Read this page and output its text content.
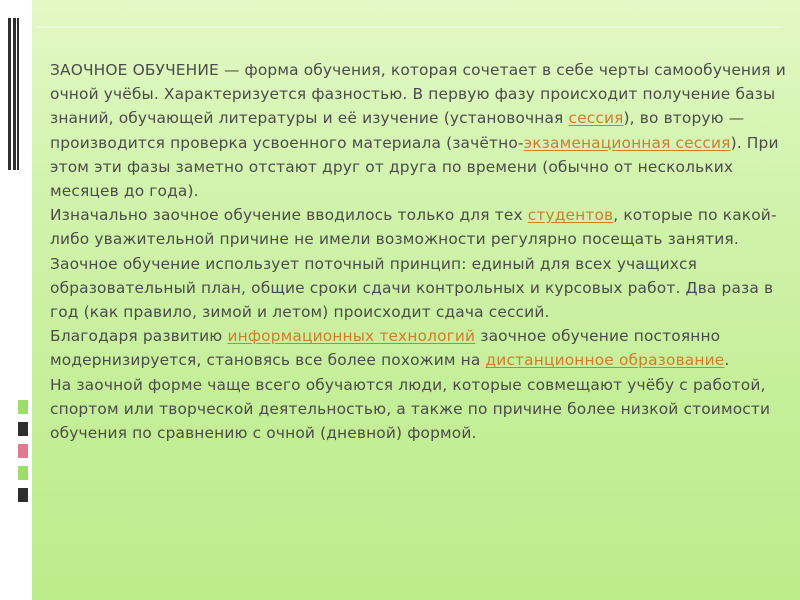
ЗАОЧНОЕ ОБУЧЕНИЕ — форма обучения, которая сочетает в себе черты самообучения и очной учёбы. Характеризуется фазностью. В первую фазу происходит получение базы знаний, обучающей литературы и её изучение (установочная сессия), во вторую — производится проверка усвоенного материала (зачётно-экзаменационная сессия). При этом эти фазы заметно отстают друг от друга по времени (обычно от нескольких месяцев до года).

Изначально заочное обучение вводилось только для тех студентов, которые по какой-либо уважительной причине не имели возможности регулярно посещать занятия. Заочное обучение использует поточный принцип: единый для всех учащихся образовательный план, общие сроки сдачи контрольных и курсовых работ. Два раза в год (как правило, зимой и летом) происходит сдача сессий.

Благодаря развитию информационных технологий заочное обучение постоянно модернизируется, становясь все более похожим на дистанционное образование.

На заочной форме чаще всего обучаются люди, которые совмещают учёбу с работой, спортом или творческой деятельностью, а также по причине более низкой стоимости обучения по сравнению с очной (дневной) формой.
